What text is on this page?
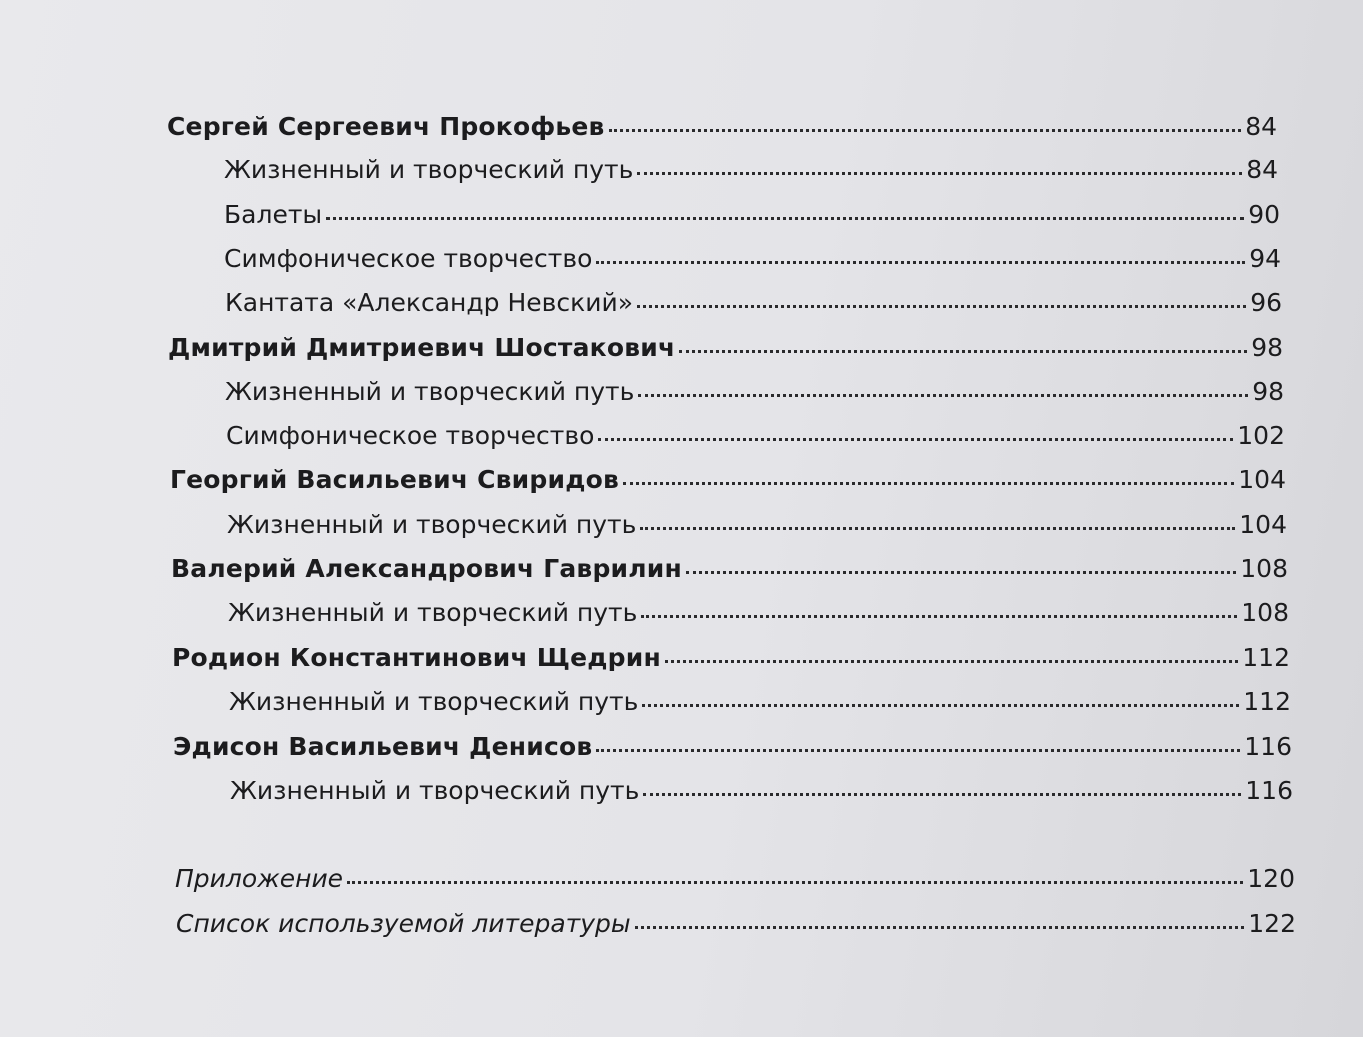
Сергей Сергеевич Прокофьев	84
Жизненный и творческий путь	84
Балеты	90
Симфоническое творчество	94
Кантата «Александр Невский»	96
Дмитрий Дмитриевич Шостакович	98
Жизненный и творческий путь	98
Симфоническое творчество	102
Георгий Васильевич Свиридов	104
Жизненный и творческий путь	104
Валерий Александрович Гаврилин	108
Жизненный и творческий путь	108
Родион Константинович Щедрин	112
Жизненный и творческий путь	112
Эдисон Васильевич Денисов	116
Жизненный и творческий путь	116
Приложение	120
Список используемой литературы	122
